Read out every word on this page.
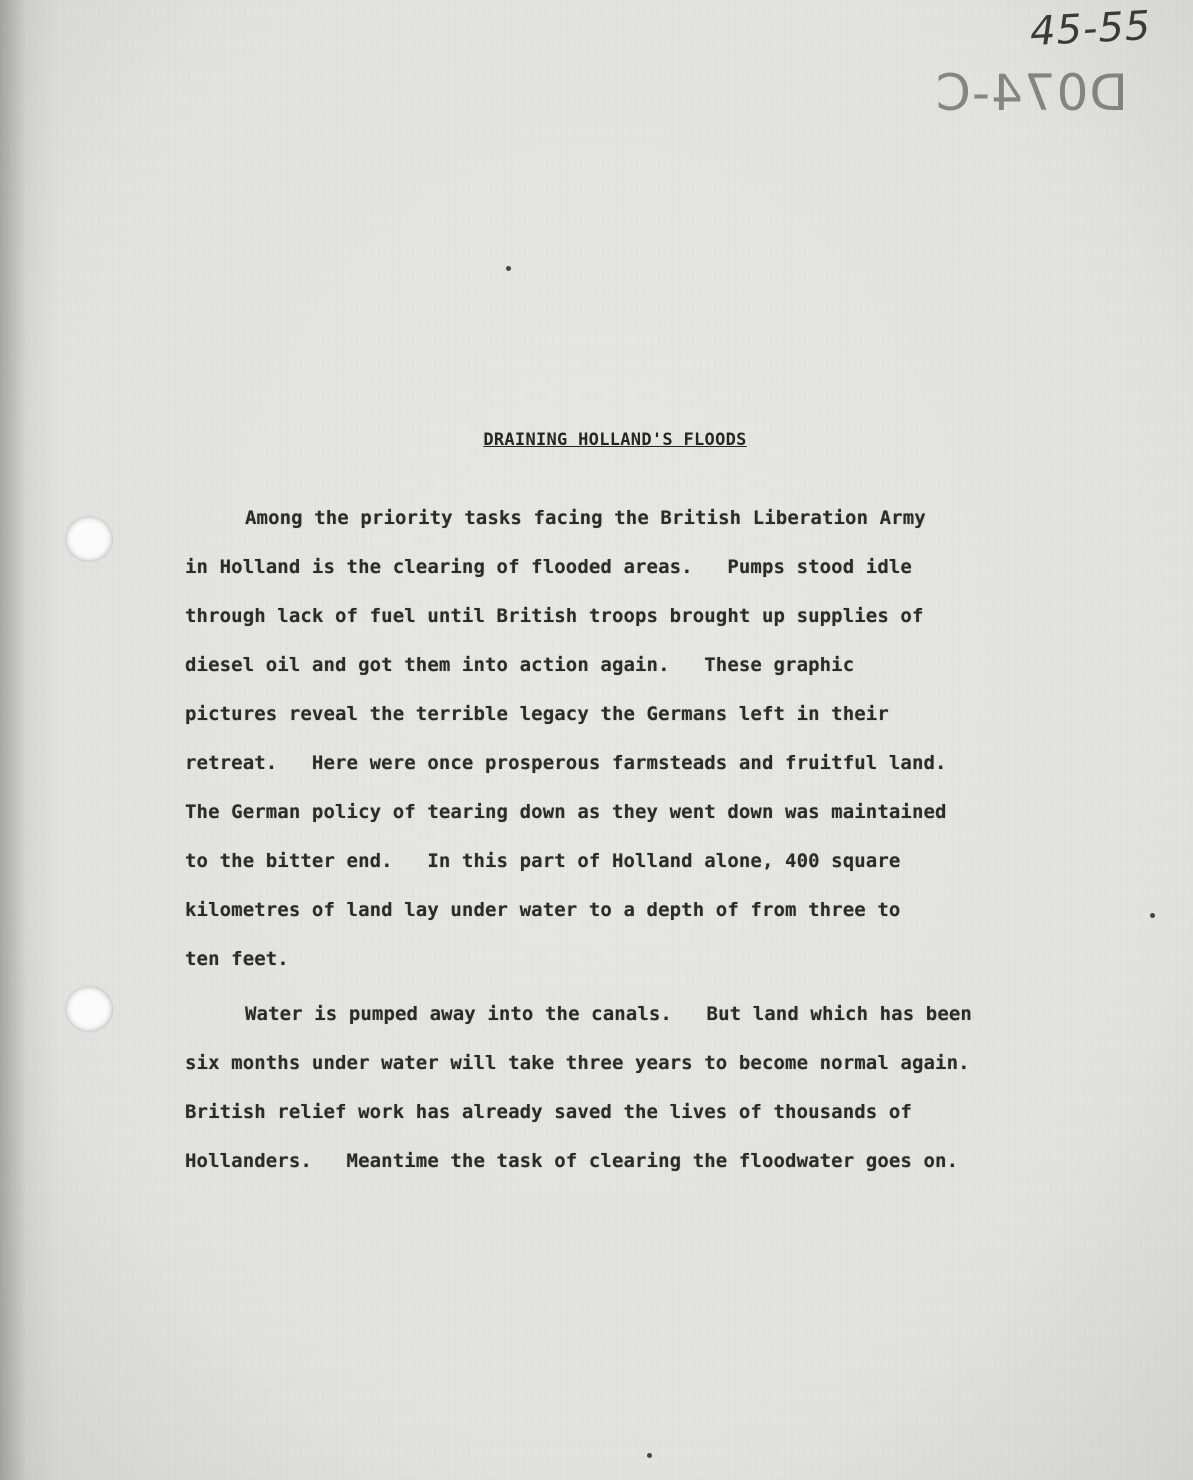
45-55
D074-C
DRAINING HOLLAND'S FLOODS

Among the priority tasks facing the British Liberation Army
in Holland is the clearing of flooded areas.   Pumps stood idle
through lack of fuel until British troops brought up supplies of
diesel oil and got them into action again.   These graphic
pictures reveal the terrible legacy the Germans left in their
retreat.   Here were once prosperous farmsteads and fruitful land.
The German policy of tearing down as they went down was maintained
to the bitter end.   In this part of Holland alone, 400 square
kilometres of land lay under water to a depth of from three to
ten feet.

Water is pumped away into the canals.   But land which has been
six months under water will take three years to become normal again.
British relief work has already saved the lives of thousands of
Hollanders.   Meantime the task of clearing the floodwater goes on.
